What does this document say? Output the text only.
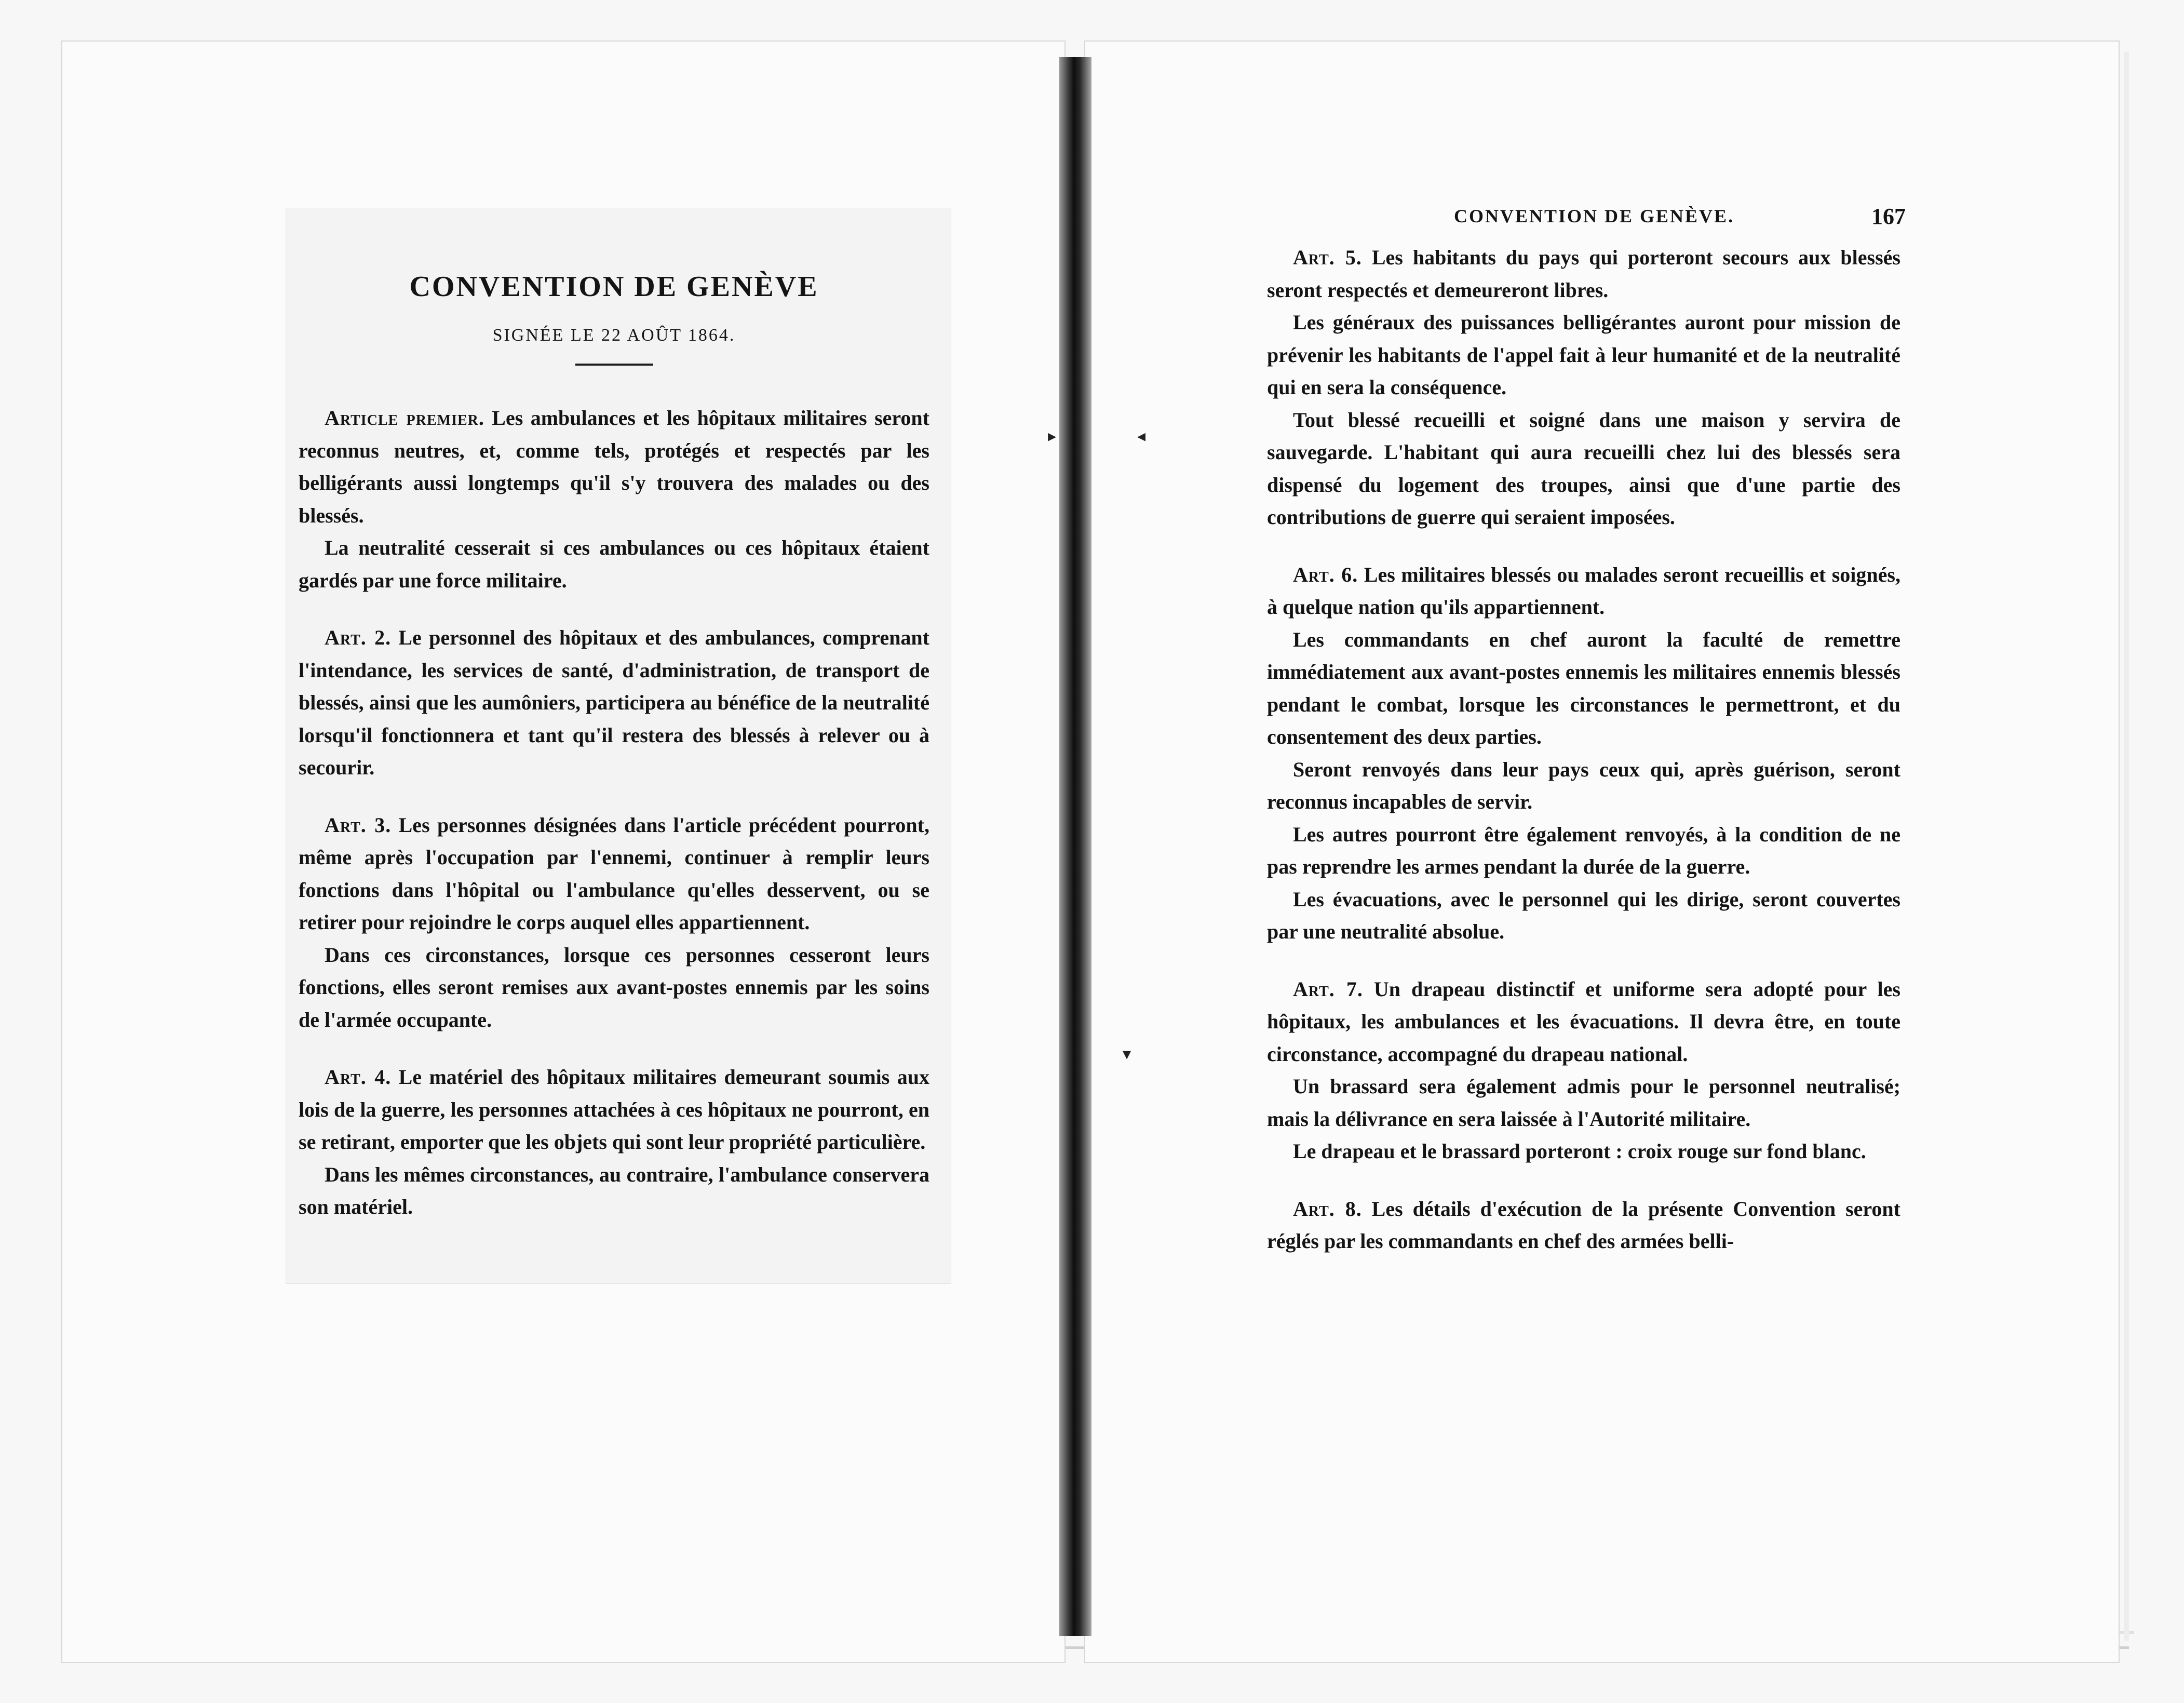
▸	◂
▾
CONVENTION DE GENÈVE
SIGNÉE LE 22 AOÛT 1864.

Article premier. Les ambulances et les hôpitaux militaires seront reconnus neutres, et, comme tels, protégés et respectés par les belligérants aussi longtemps qu'il s'y trouvera des malades ou des blessés.

La neutralité cesserait si ces ambulances ou ces hôpitaux étaient gardés par une force militaire.

Art. 2. Le personnel des hôpitaux et des ambulances, comprenant l'intendance, les services de santé, d'administration, de transport de blessés, ainsi que les aumôniers, participera au bénéfice de la neutralité lorsqu'il fonctionnera et tant qu'il restera des blessés à relever ou à secourir.

Art. 3. Les personnes désignées dans l'article précédent pourront, même après l'occupation par l'ennemi, continuer à remplir leurs fonctions dans l'hôpital ou l'ambulance qu'elles desservent, ou se retirer pour rejoindre le corps auquel elles appartiennent.

Dans ces circonstances, lorsque ces personnes cesseront leurs fonctions, elles seront remises aux avant-postes ennemis par les soins de l'armée occupante.

Art. 4. Le matériel des hôpitaux militaires demeurant soumis aux lois de la guerre, les personnes attachées à ces hôpitaux ne pourront, en se retirant, emporter que les objets qui sont leur propriété particulière.

Dans les mêmes circonstances, au contraire, l'ambulance conservera son matériel.

CONVENTION DE GENÈVE.	167

Art. 5. Les habitants du pays qui porteront secours aux blessés seront respectés et demeureront libres.

Les généraux des puissances belligérantes auront pour mission de prévenir les habitants de l'appel fait à leur humanité et de la neutralité qui en sera la conséquence.

Tout blessé recueilli et soigné dans une maison y servira de sauvegarde. L'habitant qui aura recueilli chez lui des blessés sera dispensé du logement des troupes, ainsi que d'une partie des contributions de guerre qui seraient imposées.

Art. 6. Les militaires blessés ou malades seront recueillis et soignés, à quelque nation qu'ils appartiennent.

Les commandants en chef auront la faculté de remettre immédiatement aux avant-postes ennemis les militaires ennemis blessés pendant le combat, lorsque les circonstances le permettront, et du consentement des deux parties.

Seront renvoyés dans leur pays ceux qui, après guérison, seront reconnus incapables de servir.

Les autres pourront être également renvoyés, à la condition de ne pas reprendre les armes pendant la durée de la guerre.

Les évacuations, avec le personnel qui les dirige, seront couvertes par une neutralité absolue.

Art. 7. Un drapeau distinctif et uniforme sera adopté pour les hôpitaux, les ambulances et les évacuations. Il devra être, en toute circonstance, accompagné du drapeau national.

Un brassard sera également admis pour le personnel neutralisé; mais la délivrance en sera laissée à l'Autorité militaire.

Le drapeau et le brassard porteront : croix rouge sur fond blanc.

Art. 8. Les détails d'exécution de la présente Convention seront réglés par les commandants en chef des armées belli-
